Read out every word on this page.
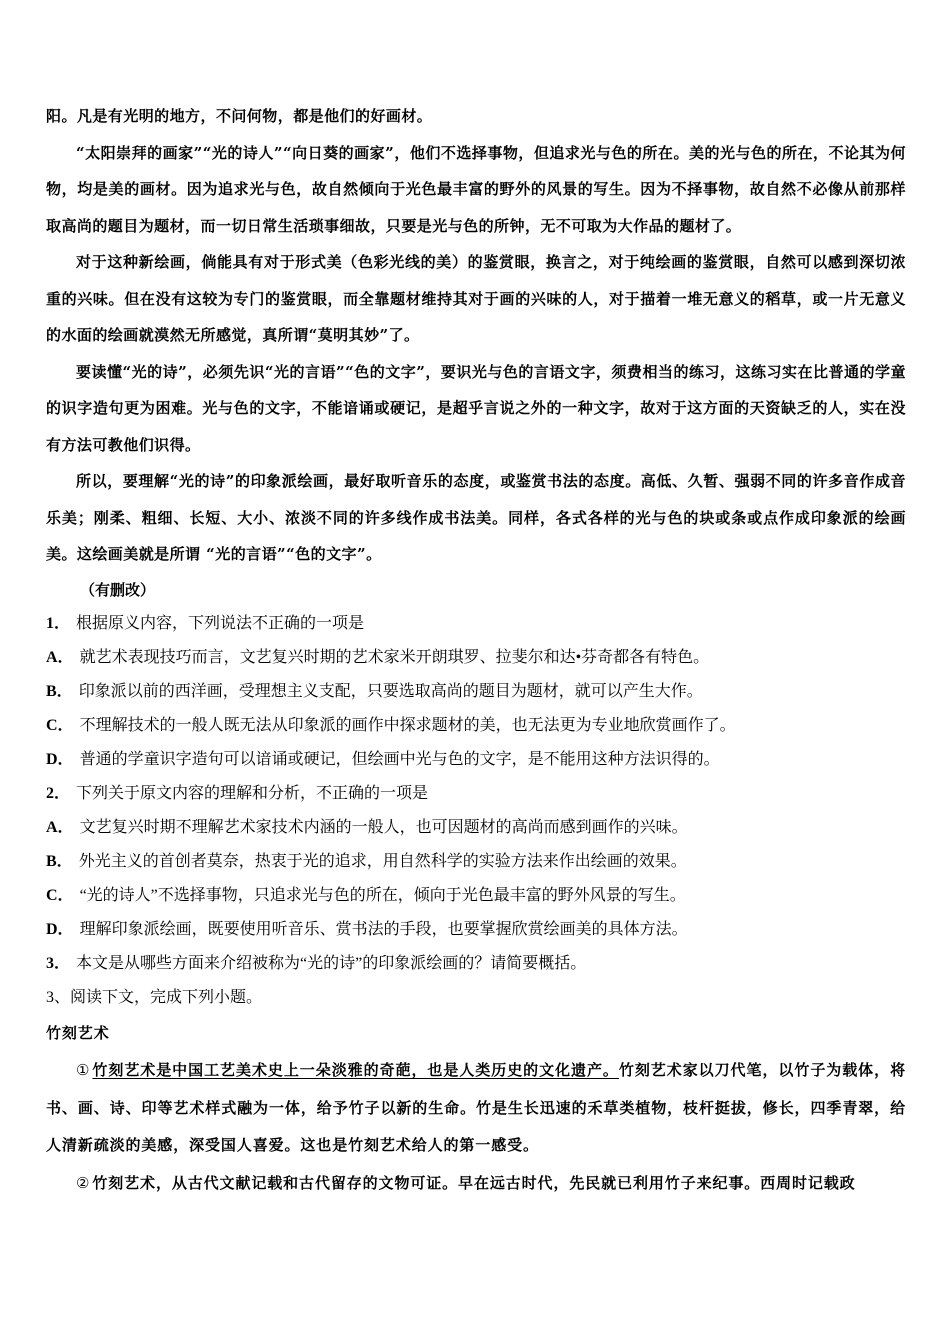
阳。凡是有光明的地方，不问何物，都是他们的好画材。

“太阳崇拜的画家”“光的诗人”“向日葵的画家”，他们不选择事物，但追求光与色的所在。美的光与色的所在，不论其为何物，均是美的画材。因为追求光与色，故自然倾向于光色最丰富的野外的风景的写生。因为不择事物，故自然不必像从前那样取高尚的题目为题材，而一切日常生活琐事细故，只要是光与色的所钟，无不可取为大作品的题材了。

对于这种新绘画，倘能具有对于形式美（色彩光线的美）的鉴赏眼，换言之，对于纯绘画的鉴赏眼，自然可以感到深切浓重的兴味。但在没有这较为专门的鉴赏眼，而全靠题材维持其对于画的兴味的人，对于描着一堆无意义的稻草，或一片无意义的水面的绘画就漠然无所感觉，真所谓“莫明其妙”了。

要读懂“光的诗”，必须先识“光的言语”“色的文字”，要识光与色的言语文字，须费相当的练习，这练习实在比普通的学童的识字造句更为困难。光与色的文字，不能谙诵或硬记，是超乎言说之外的一种文字，故对于这方面的天资缺乏的人，实在没有方法可教他们识得。

所以，要理解“光的诗”的印象派绘画，最好取听音乐的态度，或鉴赏书法的态度。高低、久暂、强弱不同的许多音作成音乐美；刚柔、粗细、长短、大小、浓淡不同的许多线作成书法美。同样，各式各样的光与色的块或条或点作成印象派的绘画美。这绘画美就是所谓 “光的言语”“色的文字”。

（有删改）

1． 根据原义内容，下列说法不正确的一项是

A． 就艺术表现技巧而言，文艺复兴时期的艺术家米开朗琪罗、拉斐尔和达•芬奇都各有特色。

B． 印象派以前的西洋画，受理想主义支配，只要选取高尚的题目为题材，就可以产生大作。

C． 不理解技术的一般人既无法从印象派的画作中探求题材的美，也无法更为专业地欣赏画作了。

D． 普通的学童识字造句可以谙诵或硬记，但绘画中光与色的文字，是不能用这种方法识得的。

2． 下列关于原文内容的理解和分析，不正确的一项是

A． 文艺复兴时期不理解艺术家技术内涵的一般人，也可因题材的高尚而感到画作的兴味。

B． 外光主义的首创者莫奈，热衷于光的追求，用自然科学的实验方法来作出绘画的效果。

C． “光的诗人”不选择事物，只追求光与色的所在，倾向于光色最丰富的野外风景的写生。

D． 理解印象派绘画，既要使用听音乐、赏书法的手段，也要掌握欣赏绘画美的具体方法。

3． 本文是从哪些方面来介绍被称为“光的诗”的印象派绘画的？请简要概括。

3、阅读下文，完成下列小题。

竹刻艺术

① 竹刻艺术是中国工艺美术史上一朵淡雅的奇葩，也是人类历史的文化遗产。竹刻艺术家以刀代笔，以竹子为载体，将书、画、诗、印等艺术样式融为一体，给予竹子以新的生命。竹是生长迅速的禾草类植物，枝杆挺拔，修长，四季青翠，给人清新疏淡的美感，深受国人喜爱。这也是竹刻艺术给人的第一感受。

② 竹刻艺术，从古代文献记载和古代留存的文物可证。早在远古时代，先民就已利用竹子来纪事。西周时记载政
